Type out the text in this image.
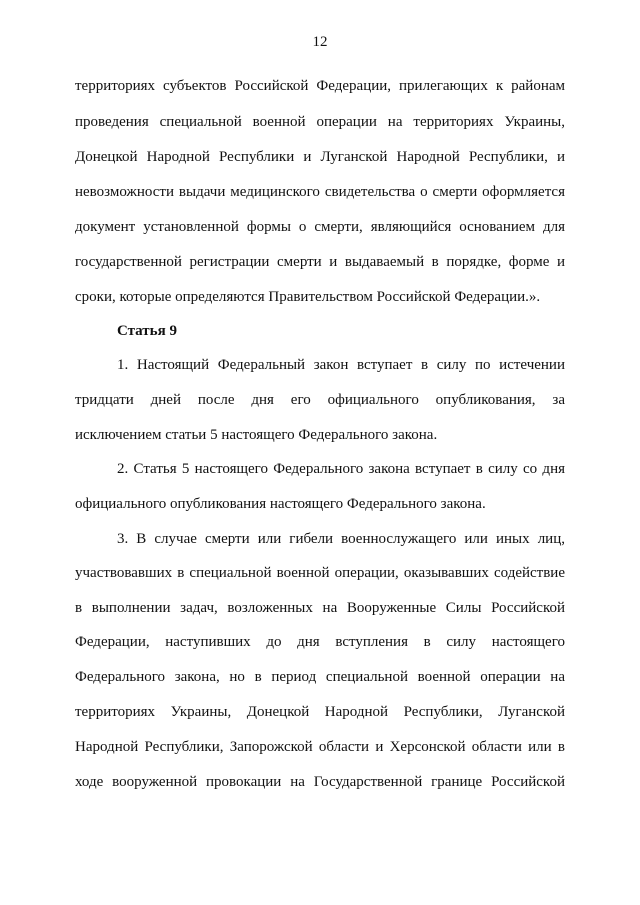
12
территориях субъектов Российской Федерации, прилегающих к районам
проведения специальной военной операции на территориях Украины,
Донецкой Народной Республики и Луганской Народной Республики, и
невозможности выдачи медицинского свидетельства о смерти оформляется
документ установленной формы о смерти, являющийся основанием для
государственной регистрации смерти и выдаваемый в порядке, форме и
сроки, которые определяются Правительством Российской Федерации.».
Статья 9
1. Настоящий Федеральный закон вступает в силу по истечении
тридцати дней после дня его официального опубликования, за
исключением статьи 5 настоящего Федерального закона.
2. Статья 5 настоящего Федерального закона вступает в силу со дня
официального опубликования настоящего Федерального закона.
3. В случае смерти или гибели военнослужащего или иных лиц,
участвовавших в специальной военной операции, оказывавших содействие
в выполнении задач, возложенных на Вооруженные Силы Российской
Федерации, наступивших до дня вступления в силу настоящего
Федерального закона, но в период специальной военной операции на
территориях Украины, Донецкой Народной Республики, Луганской
Народной Республики, Запорожской области и Херсонской области или в
ходе вооруженной провокации на Государственной границе Российской
